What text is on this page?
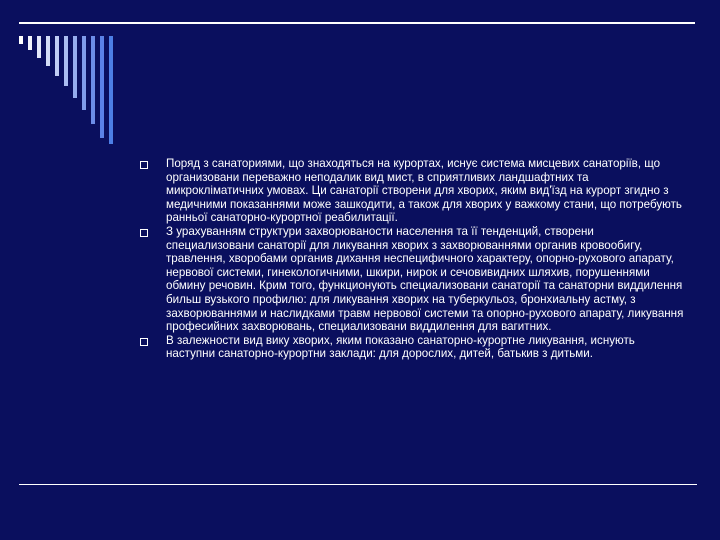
Поряд з санаториями, що знаходяться на курортах, иснує система мисцевих санаторіїв, що организовани переважно неподалик вид мист, в сприятливих ландшафтних та микрокліматичних умовах. Ци санаторії створени для хворих, яким вид'їзд на курорт згидно з медичними показаннями може зашкодити, а також для хворих у важкому стани, що потребують ранньої санаторно-курортної реабилитації.
З урахуванням структури захворюваности населення та її тенденций, створени специализовани санаторії для ликування хворих з захворюваннями органив кровообигу, травлення, хворобами органив дихання неспецифичного характеру, опорно-рухового апарату, нервової системи, гинекологичними, шкири, нирок и сечовивидних шляхив, порушеннями обмину речовин. Крим того, функционують специализовани санаторії та санаторни виддилення бильш вузького профилю: для ликування хворих на туберкульоз, бронхиальну астму, з захворюваннями и наслидками травм нервової системи та опорно-рухового апарату, ликування професийних захворювань, специализовани виддилення для вагитних.
В залежности вид вику хворих, яким показано санаторно-курортне ликування, иснують наступни санаторно-курортни заклади: для дорослих, дитей, батькив з дитьми.
